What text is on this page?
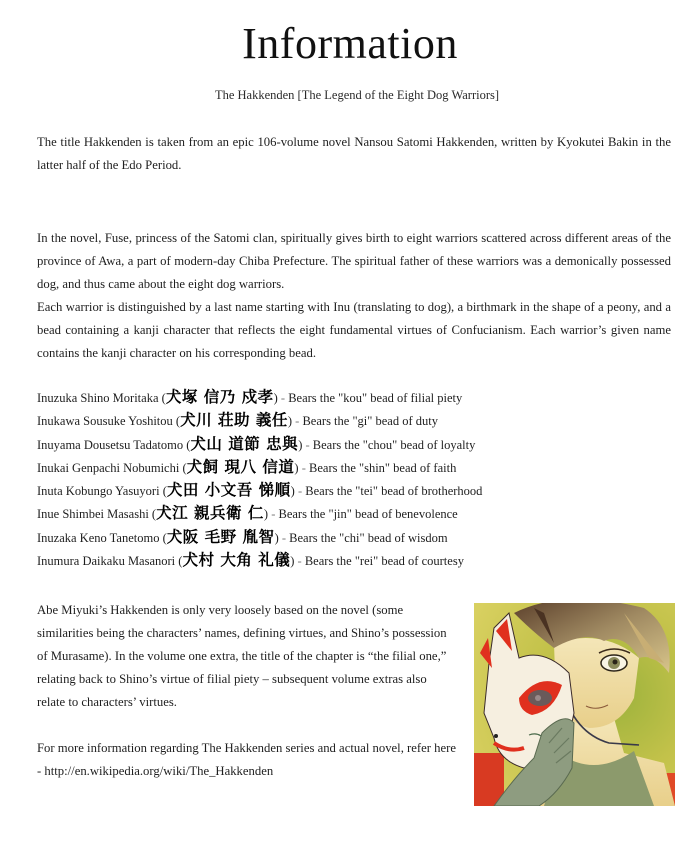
Information
The Hakkenden [The Legend of the Eight Dog Warriors]

The title Hakkenden is taken from an epic 106-volume novel Nansou Satomi Hakkenden, written by Kyokutei Bakin in the latter half of the Edo Period.

In the novel, Fuse, princess of the Satomi clan, spiritually gives birth to eight warriors scattered across different areas of the province of Awa, a part of modern-day Chiba Prefecture. The spiritual father of these warriors was a demonically possessed dog, and thus came about the eight dog warriors.

Each warrior is distinguished by a last name starting with Inu (translating to dog), a birthmark in the shape of a peony, and a bead containing a kanji character that reflects the eight fundamental virtues of Confucianism. Each warrior’s given name contains the kanji character on his corresponding bead.

Inuzuka Shino Moritaka (犬塚 信乃 戍孝) - Bears the "kou" bead of filial piety
Inukawa Sousuke Yoshitou (犬川 荘助 義任) - Bears the "gi" bead of duty
Inuyama Dousetsu Tadatomo (犬山 道節 忠與) - Bears the "chou" bead of loyalty
Inukai Genpachi Nobumichi (犬飼 現八 信道) - Bears the "shin" bead of faith
Inuta Kobungo Yasuyori (犬田 小文吾 悌順) - Bears the "tei" bead of brotherhood
Inue Shimbei Masashi (犬江 親兵衛 仁) - Bears the "jin" bead of benevolence
Inuzaka Keno Tanetomo (犬阪 毛野 胤智) - Bears the "chi" bead of wisdom
Inumura Daikaku Masanori (犬村 大角 礼儀) - Bears the "rei" bead of courtesy

Abe Miyuki’s Hakkenden is only very loosely based on the novel (some similarities being the characters’ names, defining virtues, and Shino’s possession of Murasame). In the volume one extra, the title of the chapter is “the filial one,” relating back to Shino’s virtue of filial piety – subsequent volume extras also relate to characters’ virtues.

For more information regarding The Hakkenden series and actual novel, refer here - http://en.wikipedia.org/wiki/The_Hakkenden
